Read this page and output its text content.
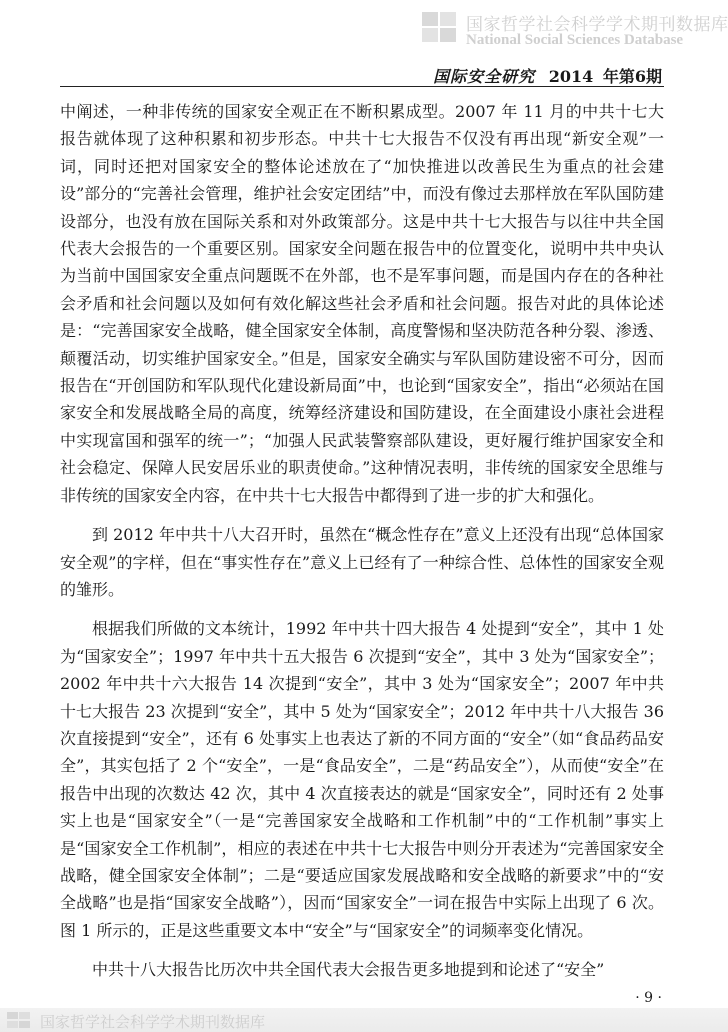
国家哲学社会科学学术期刊数据库
National Social Sciences Database
国际安全研究 2014 年第6期

中阐述，一种非传统的国家安全观正在不断积累成型。2007 年 11 月的中共十七大报告就体现了这种积累和初步形态。中共十七大报告不仅没有再出现“新安全观”一词，同时还把对国家安全的整体论述放在了“加快推进以改善民生为重点的社会建设”部分的“完善社会管理，维护社会安定团结”中，而没有像过去那样放在军队国防建设部分，也没有放在国际关系和对外政策部分。这是中共十七大报告与以往中共全国代表大会报告的一个重要区别。国家安全问题在报告中的位置变化，说明中共中央认为当前中国国家安全重点问题既不在外部，也不是军事问题，而是国内存在的各种社会矛盾和社会问题以及如何有效化解这些社会矛盾和社会问题。报告对此的具体论述是：“完善国家安全战略，健全国家安全体制，高度警惕和坚决防范各种分裂、渗透、颠覆活动，切实维护国家安全。”但是，国家安全确实与军队国防建设密不可分，因而报告在“开创国防和军队现代化建设新局面”中，也论到“国家安全”，指出“必须站在国家安全和发展战略全局的高度，统筹经济建设和国防建设，在全面建设小康社会进程中实现富国和强军的统一”；“加强人民武装警察部队建设，更好履行维护国家安全和社会稳定、保障人民安居乐业的职责使命。”这种情况表明，非传统的国家安全思维与非传统的国家安全内容，在中共十七大报告中都得到了进一步的扩大和强化。

到 2012 年中共十八大召开时，虽然在“概念性存在”意义上还没有出现“总体国家安全观”的字样，但在“事实性存在”意义上已经有了一种综合性、总体性的国家安全观的雏形。

根据我们所做的文本统计，1992 年中共十四大报告 4 处提到“安全”，其中 1 处为“国家安全”；1997 年中共十五大报告 6 次提到“安全”，其中 3 处为“国家安全”；2002 年中共十六大报告 14 次提到“安全”，其中 3 处为“国家安全”；2007 年中共十七大报告 23 次提到“安全”，其中 5 处为“国家安全”；2012 年中共十八大报告 36 次直接提到“安全”，还有 6 处事实上也表达了新的不同方面的“安全”（如“食品药品安全”，其实包括了 2 个“安全”，一是“食品安全”，二是“药品安全”），从而使“安全”在报告中出现的次数达 42 次，其中 4 次直接表达的就是“国家安全”，同时还有 2 处事实上也是“国家安全”（一是“完善国家安全战略和工作机制”中的“工作机制”事实上是“国家安全工作机制”，相应的表述在中共十七大报告中则分开表述为“完善国家安全战略，健全国家安全体制”；二是“要适应国家发展战略和安全战略的新要求”中的“安全战略”也是指“国家安全战略”），因而“国家安全”一词在报告中实际上出现了 6 次。图 1 所示的，正是这些重要文本中“安全”与“国家安全”的词频率变化情况。

中共十八大报告比历次中共全国代表大会报告更多地提到和论述了“安全”

· 9 ·
国家哲学社会科学学术期刊数据库
